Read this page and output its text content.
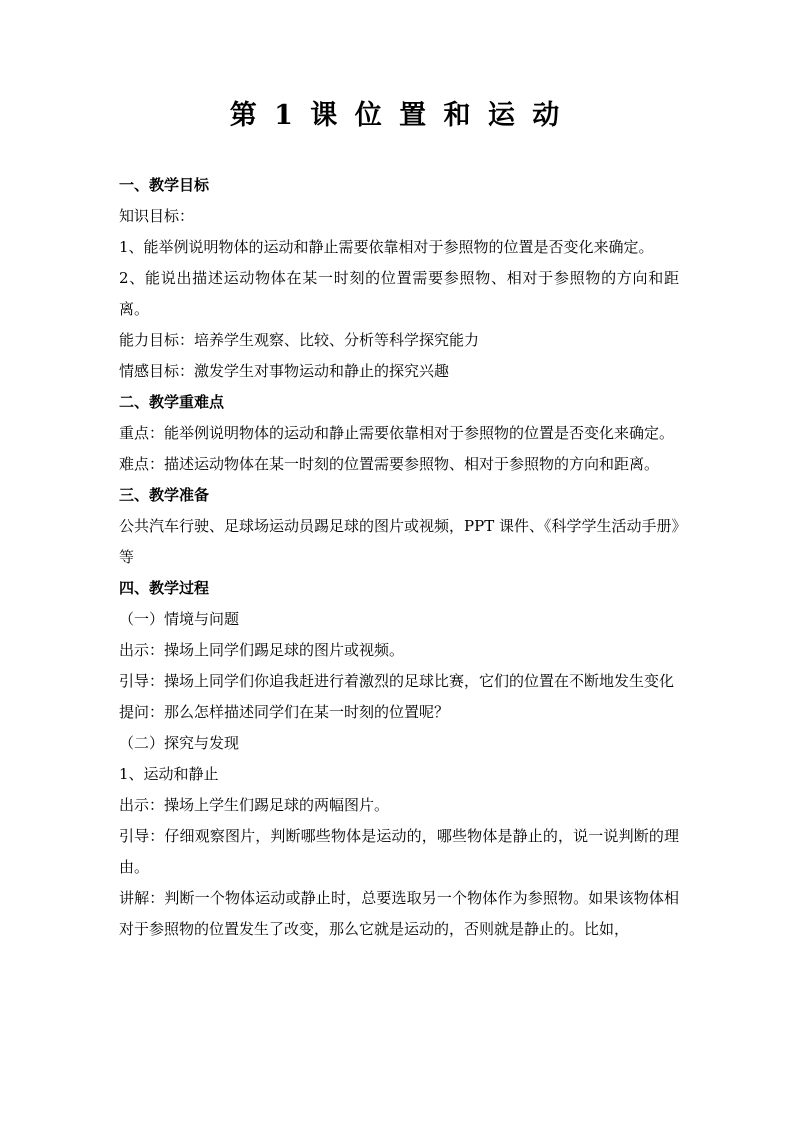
第 1 课 位 置 和 运 动

一、教学目标

知识目标：

1、能举例说明物体的运动和静止需要依靠相对于参照物的位置是否变化来确定。

2、能说出描述运动物体在某一时刻的位置需要参照物、相对于参照物的方向和距离。

能力目标：培养学生观察、比较、分析等科学探究能力

情感目标：激发学生对事物运动和静止的探究兴趣

二、教学重难点

重点：能举例说明物体的运动和静止需要依靠相对于参照物的位置是否变化来确定。

难点：描述运动物体在某一时刻的位置需要参照物、相对于参照物的方向和距离。

三、教学准备

公共汽车行驶、足球场运动员踢足球的图片或视频，PPT 课件、《科学学生活动手册》等

四、教学过程

（一）情境与问题

出示：操场上同学们踢足球的图片或视频。

引导：操场上同学们你追我赶进行着激烈的足球比赛，它们的位置在不断地发生变化

提问：那么怎样描述同学们在某一时刻的位置呢？

（二）探究与发现

1、运动和静止

出示：操场上学生们踢足球的两幅图片。

引导：仔细观察图片，判断哪些物体是运动的，哪些物体是静止的，说一说判断的理由。

讲解：判断一个物体运动或静止时，总要选取另一个物体作为参照物。如果该物体相对于参照物的位置发生了改变，那么它就是运动的，否则就是静止的。比如，
